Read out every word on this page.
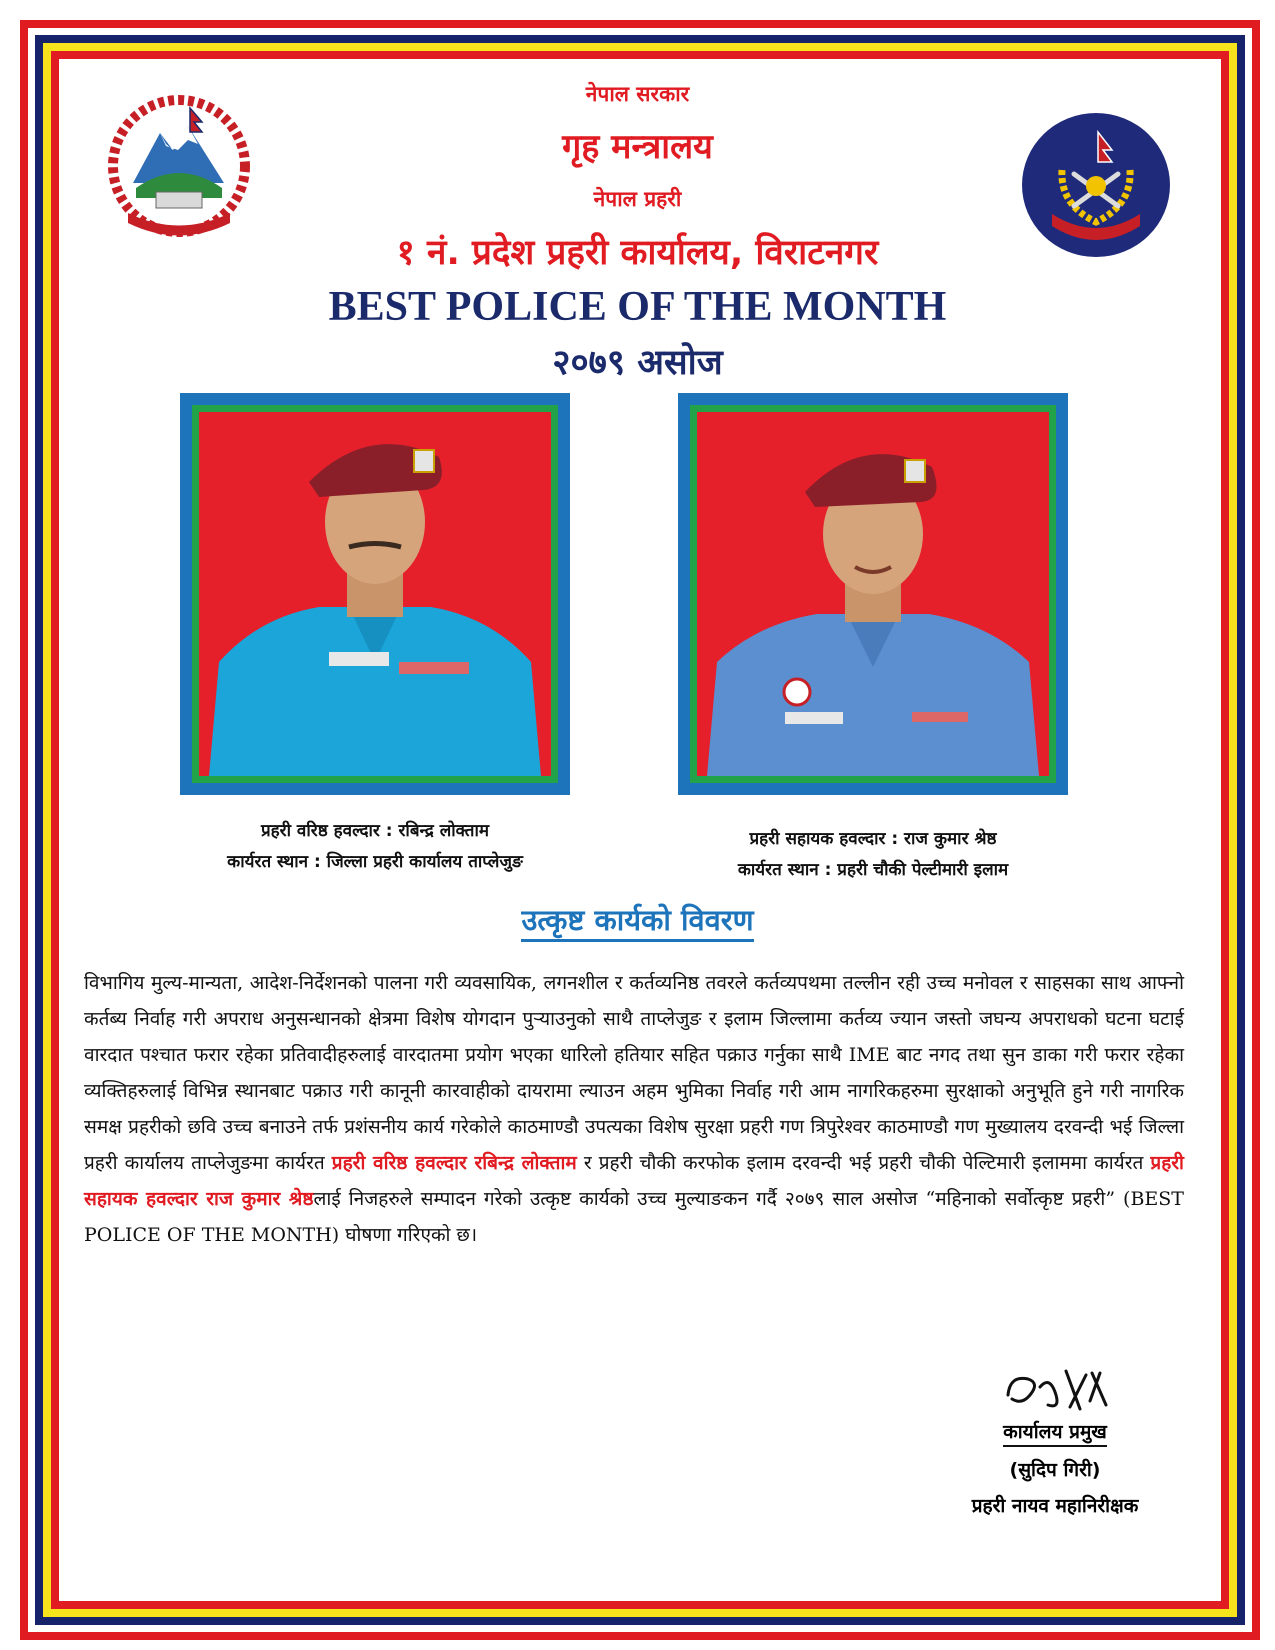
नेपाल सरकार

गृह मन्त्रालय

नेपाल प्रहरी

१ नं. प्रदेश प्रहरी कार्यालय, विराटनगर

BEST POLICE OF THE MONTH

२०७९ असोज

प्रहरी वरिष्ठ हवल्दार : रबिन्द्र लोक्ताम

कार्यरत स्थान : जिल्ला प्रहरी कार्यालय ताप्लेजुङ

प्रहरी सहायक हवल्दार : राज कुमार श्रेष्ठ

कार्यरत स्थान : प्रहरी चौकी पेल्टीमारी इलाम

उत्कृष्ट कार्यको विवरण

विभागिय मुल्य-मान्यता, आदेश-निर्देशनको पालना गरी व्यवसायिक, लगनशील र कर्तव्यनिष्ठ तवरले कर्तव्यपथमा तल्लीन रही उच्च मनोवल र साहसका साथ आफ्नो कर्तब्य निर्वाह गरी अपराध अनुसन्धानको क्षेत्रमा विशेष योगदान पुऱ्याउनुको साथै ताप्लेजुङ र इलाम जिल्लामा कर्तव्य ज्यान जस्तो जघन्य अपराधको घटना घटाई वारदात पश्चात फरार रहेका प्रतिवादीहरुलाई वारदातमा प्रयोग भएका धारिलो हतियार सहित पक्राउ गर्नुका साथै IME बाट नगद तथा सुन डाका गरी फरार रहेका व्यक्तिहरुलाई विभिन्न स्थानबाट पक्राउ गरी कानूनी कारवाहीको दायरामा ल्याउन अहम भुमिका निर्वाह गरी आम नागरिकहरुमा सुरक्षाको अनुभूति हुने गरी नागरिक समक्ष प्रहरीको छवि उच्च बनाउने तर्फ प्रशंसनीय कार्य गरेकोले काठमाण्डौ उपत्यका विशेष सुरक्षा प्रहरी गण त्रिपुरेश्वर काठमाण्डौ गण मुख्यालय दरवन्दी भई जिल्ला प्रहरी कार्यालय ताप्लेजुङमा कार्यरत प्रहरी वरिष्ठ हवल्दार रबिन्द्र लोक्ताम र प्रहरी चौकी करफोक इलाम दरवन्दी भई प्रहरी चौकी पेल्टिमारी इलाममा कार्यरत प्रहरी सहायक हवल्दार राज कुमार श्रेष्ठलाई निजहरुले सम्पादन गरेको उत्कृष्ट कार्यको उच्च मुल्याङकन गर्दै २०७९ साल असोज “महिनाको सर्वोत्कृष्ट प्रहरी” (BEST POLICE OF THE MONTH) घोषणा गरिएको छ।

कार्यालय प्रमुख

(सुदिप गिरी)

प्रहरी नायव महानिरीक्षक
